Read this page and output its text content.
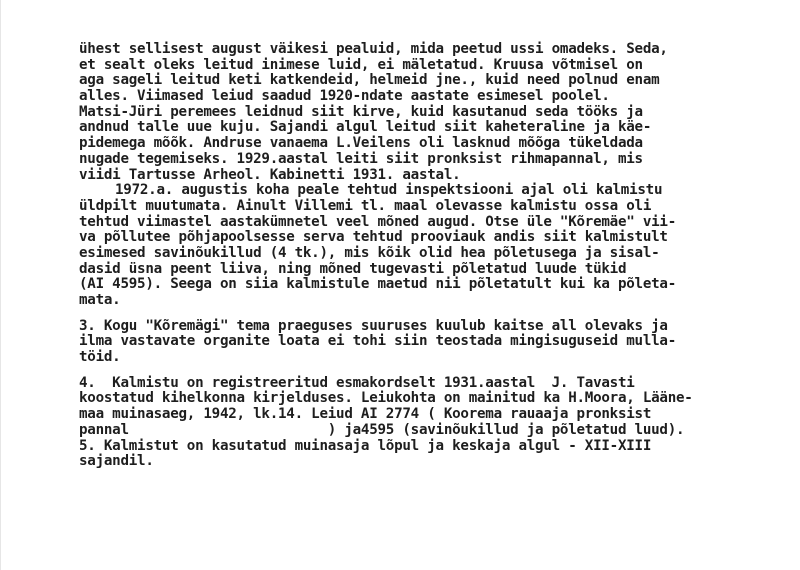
ühest sellisest august väikesi pealuid, mida peetud ussi omadeks. Seda,
et sealt oleks leitud inimese luid, ei mäletatud. Kruusa võtmisel on
aga sageli leitud keti katkendeid, helmeid jne., kuid need polnud enam
alles. Viimased leiud saadud 1920-ndate aastate esimesel poolel.
Matsi-Jüri peremees leidnud siit kirve, kuid kasutanud seda tööks ja
andnud talle uue kuju. Sajandi algul leitud siit kaheteraline ja käe-
pidemega mõõk. Andruse vanaema L.Veilens oli lasknud mõõga tükeldada
nugade tegemiseks. 1929.aastal leiti siit pronksist rihmapannal, mis
viidi Tartusse Arheol. Kabinetti 1931. aastal.
1972.a. augustis koha peale tehtud inspektsiooni ajal oli kalmistu
üldpilt muutumata. Ainult Villemi tl. maal olevasse kalmistu ossa oli
tehtud viimastel aastakümnetel veel mõned augud. Otse üle "Kõremäe" vii-
va põllutee põhjapoolsesse serva tehtud prooviauk andis siit kalmistult
esimesed savinõukillud (4 tk.), mis kõik olid hea põletusega ja sisal-
dasid üsna peent liiva, ning mõned tugevasti põletatud luude tükid
(AI 4595). Seega on siia kalmistule maetud nii põletatult kui ka põleta-
mata.
3. Kogu "Kõremägi" tema praeguses suuruses kuulub kaitse all olevaks ja
ilma vastavate organite loata ei tohi siin teostada mingisuguseid mulla-
töid.
4.  Kalmistu on registreeritud esmakordselt 1931.aastal  J. Tavasti
koostatud kihelkonna kirjelduses. Leiukohta on mainitud ka H.Moora, Lääne-
maa muinasaeg, 1942, lk.14. Leiud AI 2774 ( Koorema rauaaja pronksist
pannal                        ) ja4595 (savinõukillud ja põletatud luud).
5. Kalmistut on kasutatud muinasaja lõpul ja keskaja algul - XII-XIII
sajandil.
